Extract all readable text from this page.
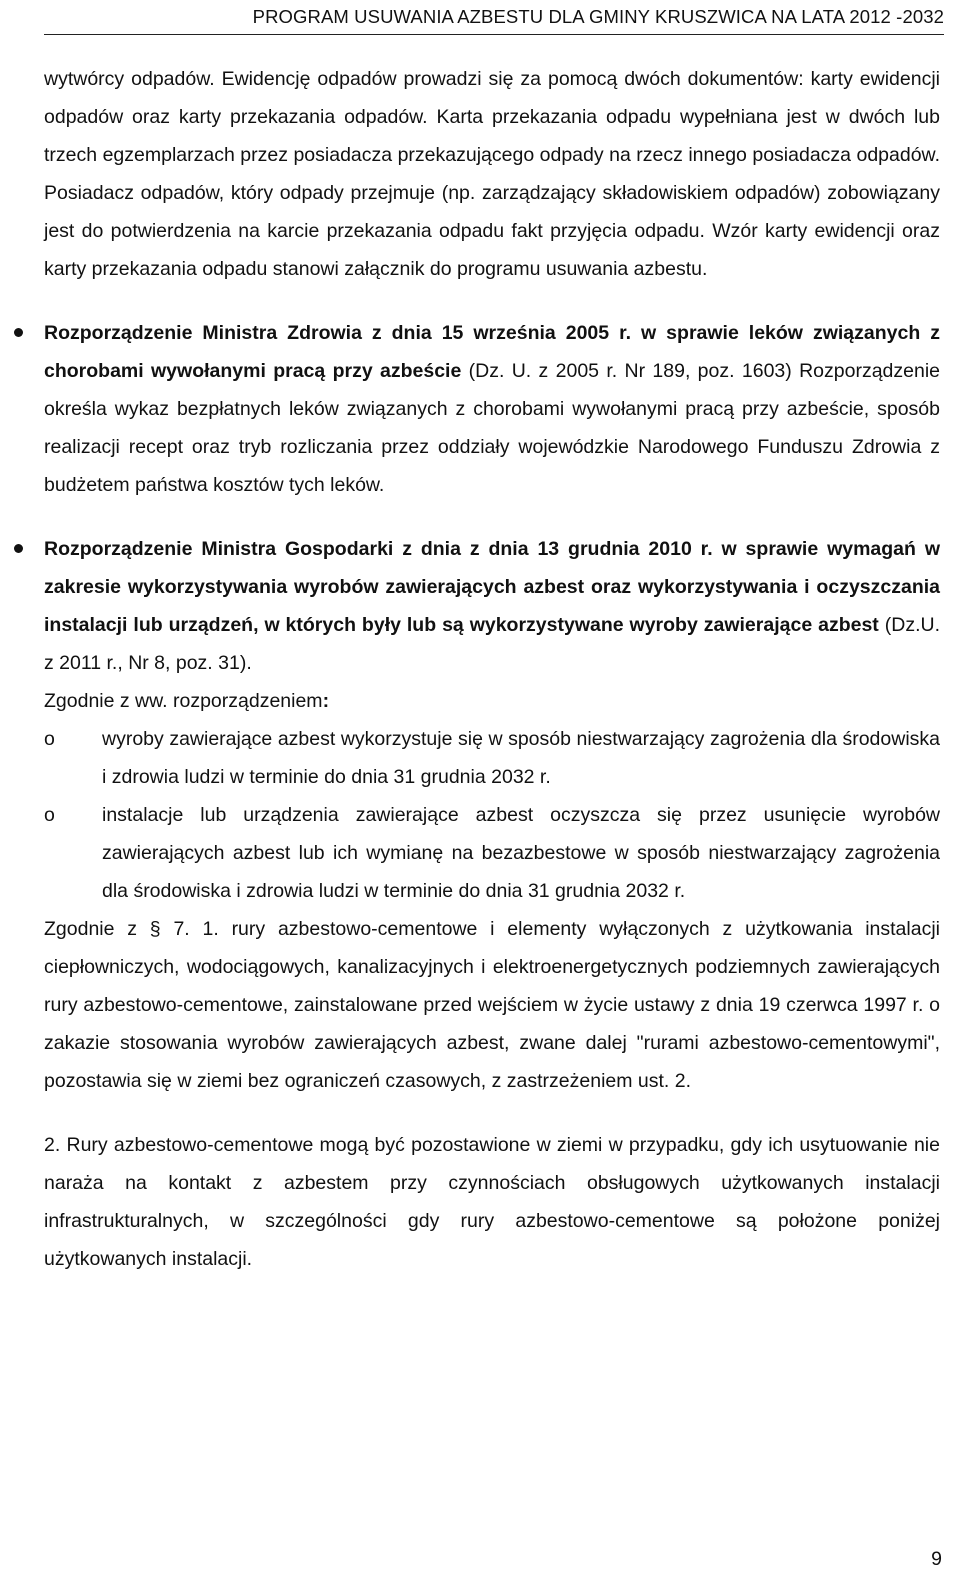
PROGRAM USUWANIA AZBESTU DLA GMINY KRUSZWICA NA LATA 2012 -2032

wytwórcy odpadów. Ewidencję odpadów prowadzi się za pomocą dwóch dokumentów: karty ewidencji odpadów oraz karty przekazania odpadów. Karta przekazania odpadu wypełniana jest w dwóch lub trzech egzemplarzach przez posiadacza przekazującego odpady na rzecz innego posiadacza odpadów. Posiadacz odpadów, który odpady przejmuje (np. zarządzający składowiskiem odpadów) zobowiązany jest do potwierdzenia na karcie przekazania odpadu fakt przyjęcia odpadu. Wzór karty ewidencji oraz karty przekazania odpadu stanowi załącznik do programu usuwania azbestu.

Rozporządzenie Ministra Zdrowia z dnia 15 września 2005 r. w sprawie leków związanych z chorobami wywołanymi pracą przy azbeście (Dz. U. z 2005 r. Nr 189, poz. 1603) Rozporządzenie określa wykaz bezpłatnych leków związanych z chorobami wywołanymi pracą przy azbeście, sposób realizacji recept oraz tryb rozliczania przez oddziały wojewódzkie Narodowego Funduszu Zdrowia z budżetem państwa kosztów tych leków.

Rozporządzenie Ministra Gospodarki z dnia z dnia 13 grudnia 2010 r. w sprawie wymagań w zakresie wykorzystywania wyrobów zawierających azbest oraz wykorzystywania i oczyszczania instalacji lub urządzeń, w których były lub są wykorzystywane wyroby zawierające azbest (Dz.U. z 2011 r., Nr 8, poz. 31).

Zgodnie z ww. rozporządzeniem:

o wyroby zawierające azbest wykorzystuje się w sposób niestwarzający zagrożenia dla środowiska i zdrowia ludzi w terminie do dnia 31 grudnia 2032 r.

o instalacje lub urządzenia zawierające azbest oczyszcza się przez usunięcie wyrobów zawierających azbest lub ich wymianę na bezazbestowe w sposób niestwarzający zagrożenia dla środowiska i zdrowia ludzi w terminie do dnia 31 grudnia 2032 r.

Zgodnie z § 7. 1. rury azbestowo-cementowe i elementy wyłączonych z użytkowania instalacji ciepłowniczych, wodociągowych, kanalizacyjnych i elektroenergetycznych podziemnych zawierających rury azbestowo-cementowe, zainstalowane przed wejściem w życie ustawy z dnia 19 czerwca 1997 r. o zakazie stosowania wyrobów zawierających azbest, zwane dalej "rurami azbestowo-cementowymi", pozostawia się w ziemi bez ograniczeń czasowych, z zastrzeżeniem ust. 2.

2. Rury azbestowo-cementowe mogą być pozostawione w ziemi w przypadku, gdy ich usytuowanie nie naraża na kontakt z azbestem przy czynnościach obsługowych użytkowanych instalacji infrastrukturalnych, w szczególności gdy rury azbestowo-cementowe są położone poniżej użytkowanych instalacji.

9
